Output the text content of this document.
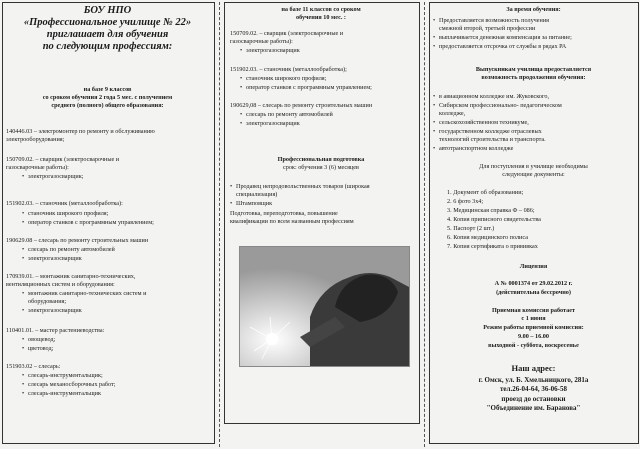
БОУ НПО
«Профессиональное училище № 22»
приглашает для обучения
по следующим профессиям:
на базе 9 классов
со сроком обучения 2 года 5 мес. с получением
среднего (полного) общего образования:
140446.03 – электромонтер по ремонту и обслуживанию
электрооборудования;
150709.02. – сварщик (электросварочные и
газосварочные работы):
• электрогазосварщик;
151902.03. – станочник (металлообработка):
• станочник широкого профиля;
• оператор станков с программным управлением;
190629.08 – слесарь по ремонту строительных машин
• слесарь по ремонту автомобилей
• электрогазосварщик
170939.01. – монтажник санитарно-технических,
вентиляционных систем и оборудования:
• монтажник санитарно-технических систем и
оборудования;
• электрогазосварщик
110401.01. – мастер растениеводства:
• овощевод;
• цветовод;
151903.02 – слесарь:
• слесарь-инструментальщик;
• слесарь механосборочных работ;
• слесарь-инструментальщик
на базе 11 классов со сроком
обучения 10 мес. :
150709.02. – сварщик (электросварочные и
газосварочные работы):
• электрогазосварщик
151902.03. – станочник (металлообработка);
• станочник широкого профиля;
• оператор станков с программным управлением;
190629,08 – слесарь по ремонту строительных машин
• слесарь по ремонту автомобилей
• электрогазосварщик
Профессиональная подготовка
срок: обучения 3 (6) месяцев
• Продавец непродовольственных товаров (широкая
специализация)
• Штамповщик
Подготовка, переподготовка, повышение
квалификации по всем названным профессиям
За время обучения:
• Предоставляется возможность получения
смежной второй, третьей профессии
• выплачивается денежная компенсация за питание;
• предоставляется отсрочка от службы в рядах РА
Выпускникам училища предоставляется
возможность продолжения обучения:
• в авиационном колледже им. Жуковского,
• Сибирском профессионально- педагогическом
колледже,
• сельскохозяйственном техникуме,
• государственном колледже отраслевых
технологий строительства и транспорта.
• автотранспортном колледже
Для поступления в училище необходимы
следующие документы:
1. Документ об образовании;
2. 6 фото 3х4;
3. Медицинская справка Ф – 086;
4. Копия приписного свидетельства
5. Паспорт (2 шт.)
6. Копия медицинского полиса
7. Копия сертификата о прививках
Лицензия
А № 0001374 от 29.02.2012 г.
(действительна бессрочно)
Приемная комиссия работает
с 1 июня
Режим работы приемной комиссии:
9.00 – 16.00
выходной - суббота, воскресенье
Наш адрес:
г. Омск, ул. Б. Хмельницкого, 281а
тел.26-04-64, 36-06-58
проезд до остановки
"Объединение им. Баранова"
